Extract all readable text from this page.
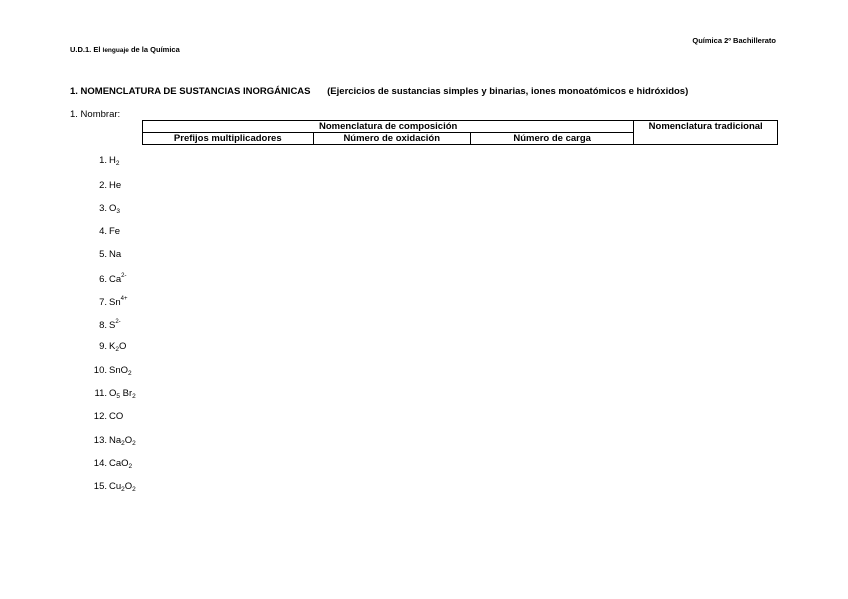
U.D.1. El lenguaje de la Química
Química 2º Bachillerato
1. NOMENCLATURA DE SUSTANCIAS INORGÁNICAS (Ejercicios de sustancias simples y binarias, iones monoatómicos e hidróxidos)
1. Nombrar:
Nomenclatura de composición			Nomenclatura tradicional
Prefijos multiplicadores	Número de oxidación	Número de carga	
1. $H_2$
2. He
3. $O_3$
4. Fe
5. Na
6. $Ca^{2-}$
7. $Sn^{4+}$
8. $S^{2-}$
9. $K_2O$
10. SnO$_2$
11. $O_5$ $Br_2$
12. CO
13. $Na_2O_2$
14. CaO$_2$
15. $Cu_2O_2$
